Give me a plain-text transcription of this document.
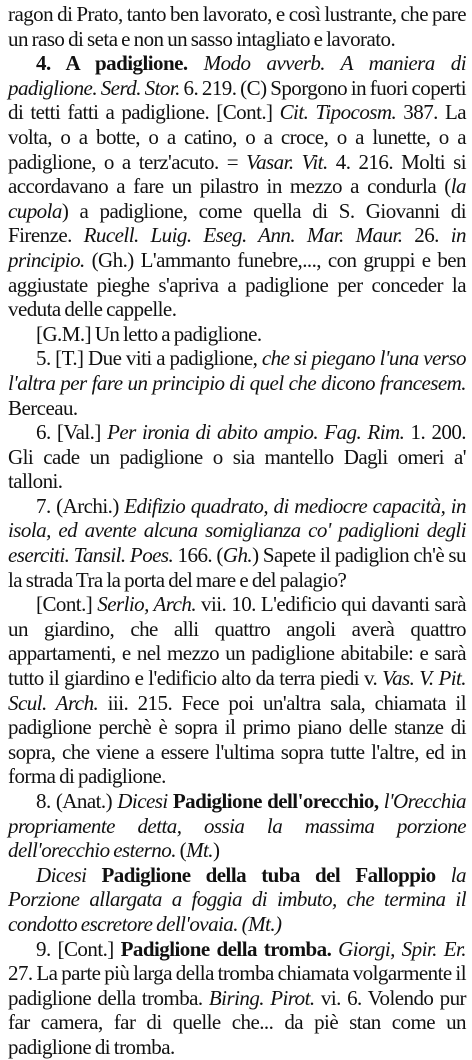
ragon di Prato, tanto ben lavorato, e così lustrante, che pare un raso di seta e non un sasso intagliato e lavorato.

4. A padiglione. Modo avverb. A maniera di padiglione. Serd. Stor. 6. 219. (C) Sporgono in fuori coperti di tetti fatti a padiglione. [Cont.] Cit. Tipocosm. 387. La volta, o a botte, o a catino, o a croce, o a lunette, o a padiglione, o a terz'acuto. = Vasar. Vit. 4. 216. Molti si accordavano a fare un pilastro in mezzo a condurla (la cupola) a padiglione, come quella di S. Giovanni di Firenze. Rucell. Luig. Eseg. Ann. Mar. Maur. 26. in principio. (Gh.) L'ammanto funebre,..., con gruppi e ben aggiustate pieghe s'apriva a padiglione per conceder la veduta delle cappelle.

[G.M.] Un letto a padiglione.

5. [T.] Due viti a padiglione, che si piegano l'una verso l'altra per fare un principio di quel che dicono francesem. Berceau.

6. [Val.] Per ironia di abito ampio. Fag. Rim. 1. 200. Gli cade un padiglione o sia mantello Dagli omeri a' talloni.

7. (Archi.) Edifizio quadrato, di mediocre capacità, in isola, ed avente alcuna somiglianza co' padiglioni degli eserciti. Tansil. Poes. 166. (Gh.) Sapete il padiglion ch'è su la strada Tra la porta del mare e del palagio?

[Cont.] Serlio, Arch. vii. 10. L'edificio qui davanti sarà un giardino, che alli quattro angoli averà quattro appartamenti, e nel mezzo un padiglione abitabile: e sarà tutto il giardino e l'edificio alto da terra piedi v. Vas. V. Pit. Scul. Arch. iii. 215. Fece poi un'altra sala, chiamata il padiglione perchè è sopra il primo piano delle stanze di sopra, che viene a essere l'ultima sopra tutte l'altre, ed in forma di padiglione.

8. (Anat.) Dicesi Padiglione dell'orecchio, l'Orecchia propriamente detta, ossia la massima porzione dell'orecchio esterno. (Mt.)

Dicesi Padiglione della tuba del Falloppio la Porzione allargata a foggia di imbuto, che termina il condotto escretore dell'ovaia. (Mt.)

9. [Cont.] Padiglione della tromba. Giorgi, Spir. Er. 27. La parte più larga della tromba chiamata volgarmente il padiglione della tromba. Biring. Pirot. vi. 6. Volendo pur far camera, far di quelle che... da piè stan come un padiglione di tromba.
